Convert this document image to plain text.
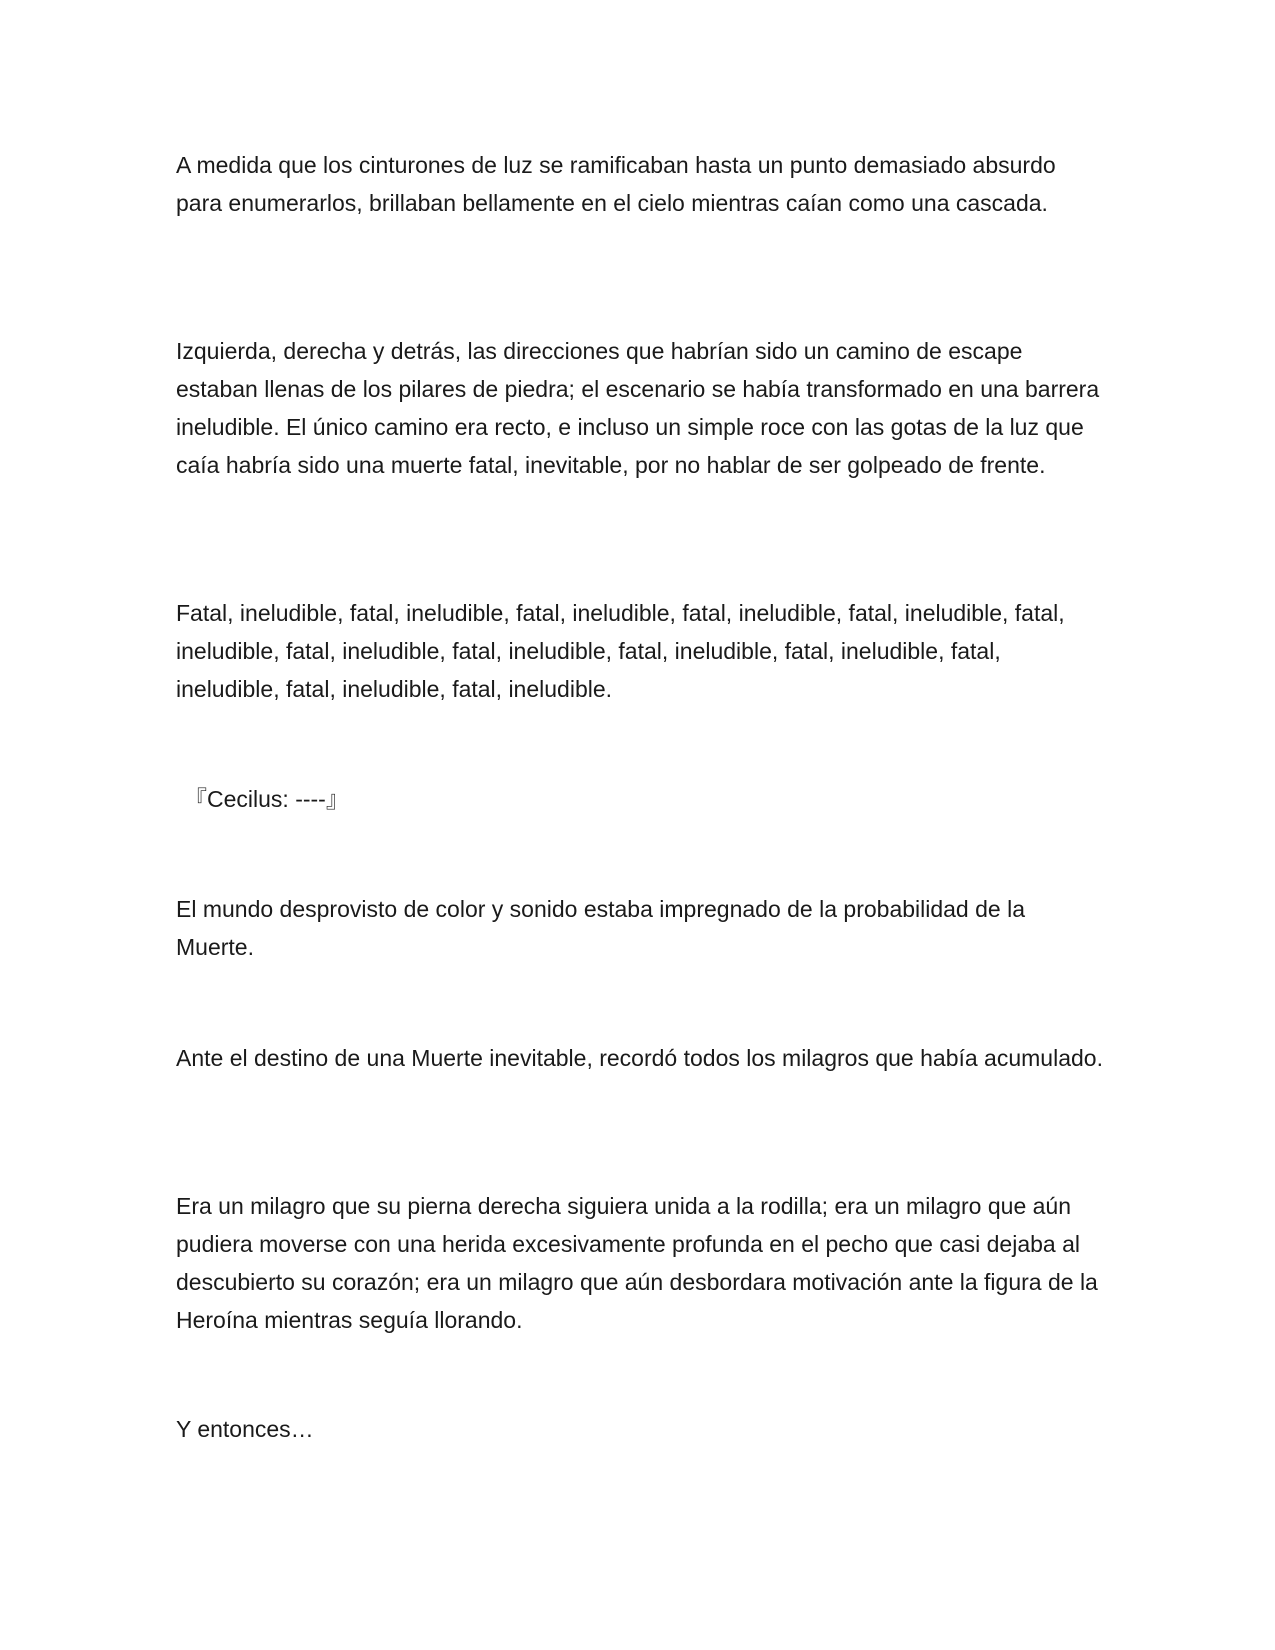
A medida que los cinturones de luz se ramificaban hasta un punto demasiado absurdo para enumerarlos, brillaban bellamente en el cielo mientras caían como una cascada.

Izquierda, derecha y detrás, las direcciones que habrían sido un camino de escape estaban llenas de los pilares de piedra; el escenario se había transformado en una barrera ineludible. El único camino era recto, e incluso un simple roce con las gotas de la luz que caía habría sido una muerte fatal, inevitable, por no hablar de ser golpeado de frente.

Fatal, ineludible, fatal, ineludible, fatal, ineludible, fatal, ineludible, fatal, ineludible, fatal, ineludible, fatal, ineludible, fatal, ineludible, fatal, ineludible, fatal, ineludible, fatal, ineludible, fatal, ineludible, fatal, ineludible.

『Cecilus: ----』

El mundo desprovisto de color y sonido estaba impregnado de la probabilidad de la Muerte.

Ante el destino de una Muerte inevitable, recordó todos los milagros que había acumulado.

Era un milagro que su pierna derecha siguiera unida a la rodilla; era un milagro que aún pudiera moverse con una herida excesivamente profunda en el pecho que casi dejaba al descubierto su corazón; era un milagro que aún desbordara motivación ante la figura de la Heroína mientras seguía llorando.

Y entonces…
